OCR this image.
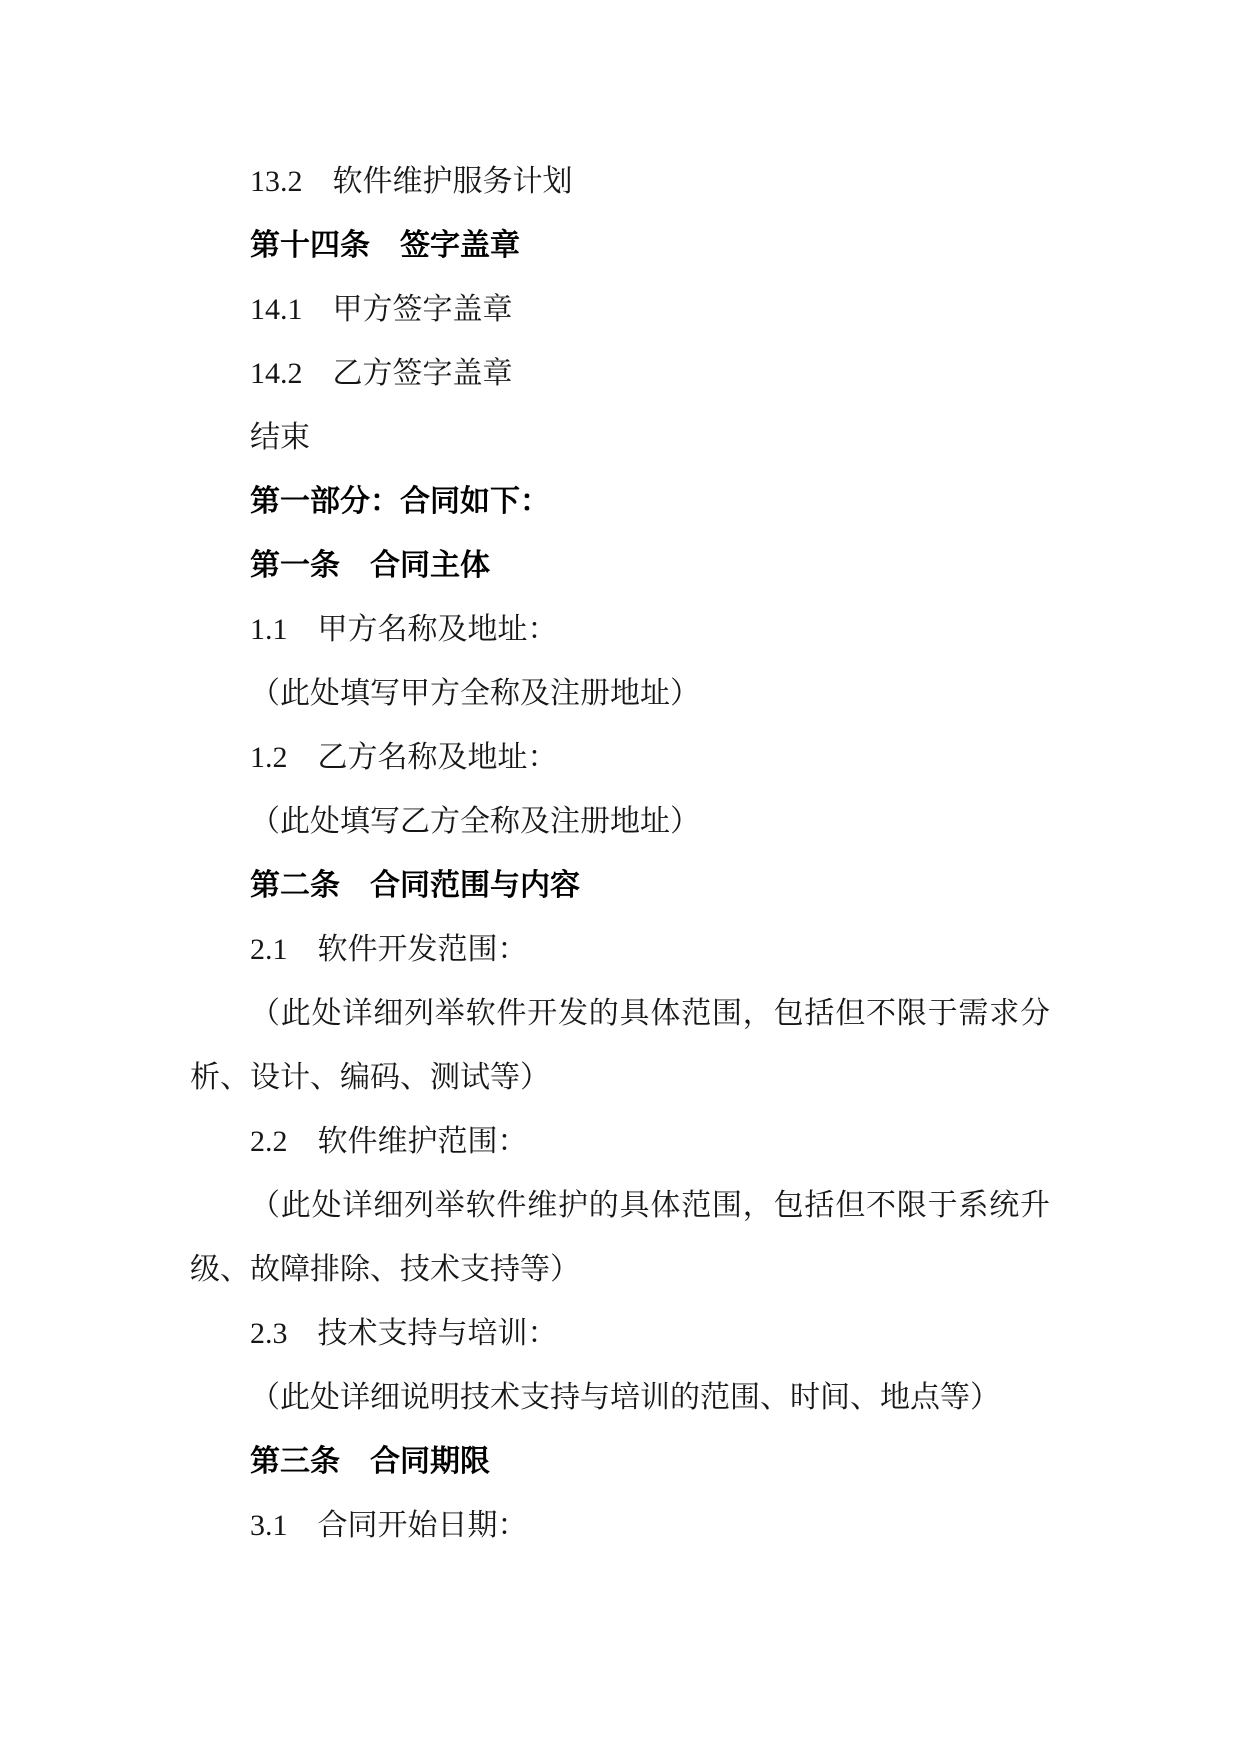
13.2　软件维护服务计划

第十四条　签字盖章

14.1　甲方签字盖章

14.2　乙方签字盖章

结束

第一部分：合同如下：

第一条　合同主体

1.1　甲方名称及地址：

（此处填写甲方全称及注册地址）

1.2　乙方名称及地址：

（此处填写乙方全称及注册地址）

第二条　合同范围与内容

2.1　软件开发范围：

（此处详细列举软件开发的具体范围，包括但不限于需求分析、设计、编码、测试等）

2.2　软件维护范围：

（此处详细列举软件维护的具体范围，包括但不限于系统升级、故障排除、技术支持等）

2.3　技术支持与培训：

（此处详细说明技术支持与培训的范围、时间、地点等）

第三条　合同期限

3.1　合同开始日期：
